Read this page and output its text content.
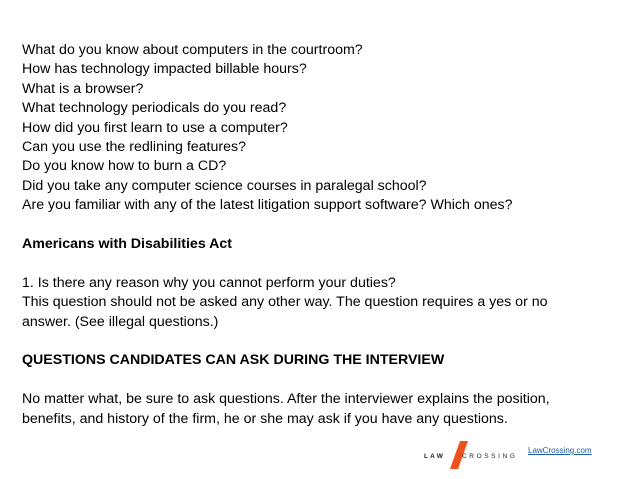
What do you know about computers in the courtroom?
How has technology impacted billable hours?
What is a browser?
What technology periodicals do you read?
How did you first learn to use a computer?
Can you use the redlining features?
Do you know how to burn a CD?
Did you take any computer science courses in paralegal school?
Are you familiar with any of the latest litigation support software? Which ones?
Americans with Disabilities Act
1. Is there any reason why you cannot perform your duties?
This question should not be asked any other way. The question requires a yes or no
answer. (See illegal questions.)
QUESTIONS CANDIDATES CAN ASK DURING THE INTERVIEW
No matter what, be sure to ask questions. After the interviewer explains the position,
benefits, and history of the firm, he or she may ask if you have any questions.
LAW	CROSSING
LawCrossing.com
